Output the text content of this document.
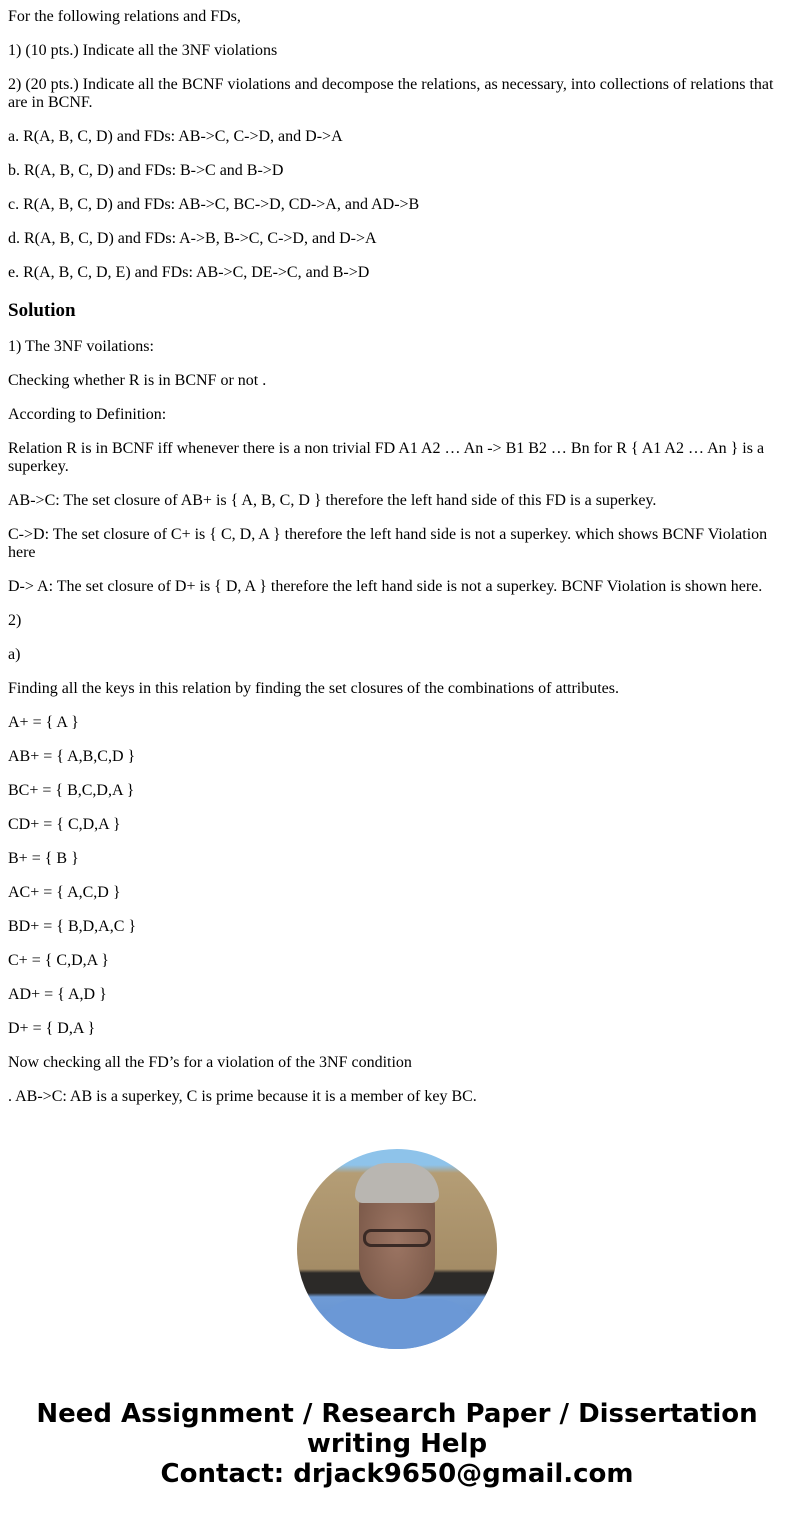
For the following relations and FDs,

1) (10 pts.) Indicate all the 3NF violations

2) (20 pts.) Indicate all the BCNF violations and decompose the relations, as necessary, into collections of relations that are in BCNF.

a. R(A, B, C, D) and FDs: AB->C, C->D, and D->A

b. R(A, B, C, D) and FDs: B->C and B->D

c. R(A, B, C, D) and FDs: AB->C, BC->D, CD->A, and AD->B

d. R(A, B, C, D) and FDs: A->B, B->C, C->D, and D->A

e. R(A, B, C, D, E) and FDs: AB->C, DE->C, and B->D

Solution

1) The 3NF voilations:

Checking whether R is in BCNF or not .

According to Definition:

Relation R is in BCNF iff whenever there is a non trivial FD A1 A2 … An -> B1 B2 … Bn for R { A1 A2 … An } is a superkey.

AB->C: The set closure of AB+ is { A, B, C, D } therefore the left hand side of this FD is a superkey.

C->D: The set closure of C+ is { C, D, A } therefore the left hand side is not a superkey. which shows BCNF Violation here

D-> A: The set closure of D+ is { D, A } therefore the left hand side is not a superkey. BCNF Violation is shown here.

2)

a)

Finding all the keys in this relation by finding the set closures of the combinations of attributes.

A+ = { A }

AB+ = { A,B,C,D }

BC+ = { B,C,D,A }

CD+ = { C,D,A }

B+ = { B }

AC+ = { A,C,D }

BD+ = { B,D,A,C }

C+ = { C,D,A }

AD+ = { A,D }

D+ = { D,A }

Now checking all the FD’s for a violation of the 3NF condition

. AB->C: AB is a superkey, C is prime because it is a member of key BC.

Need Assignment / Research Paper / Dissertation writing Help
Contact: drjack9650@gmail.com
